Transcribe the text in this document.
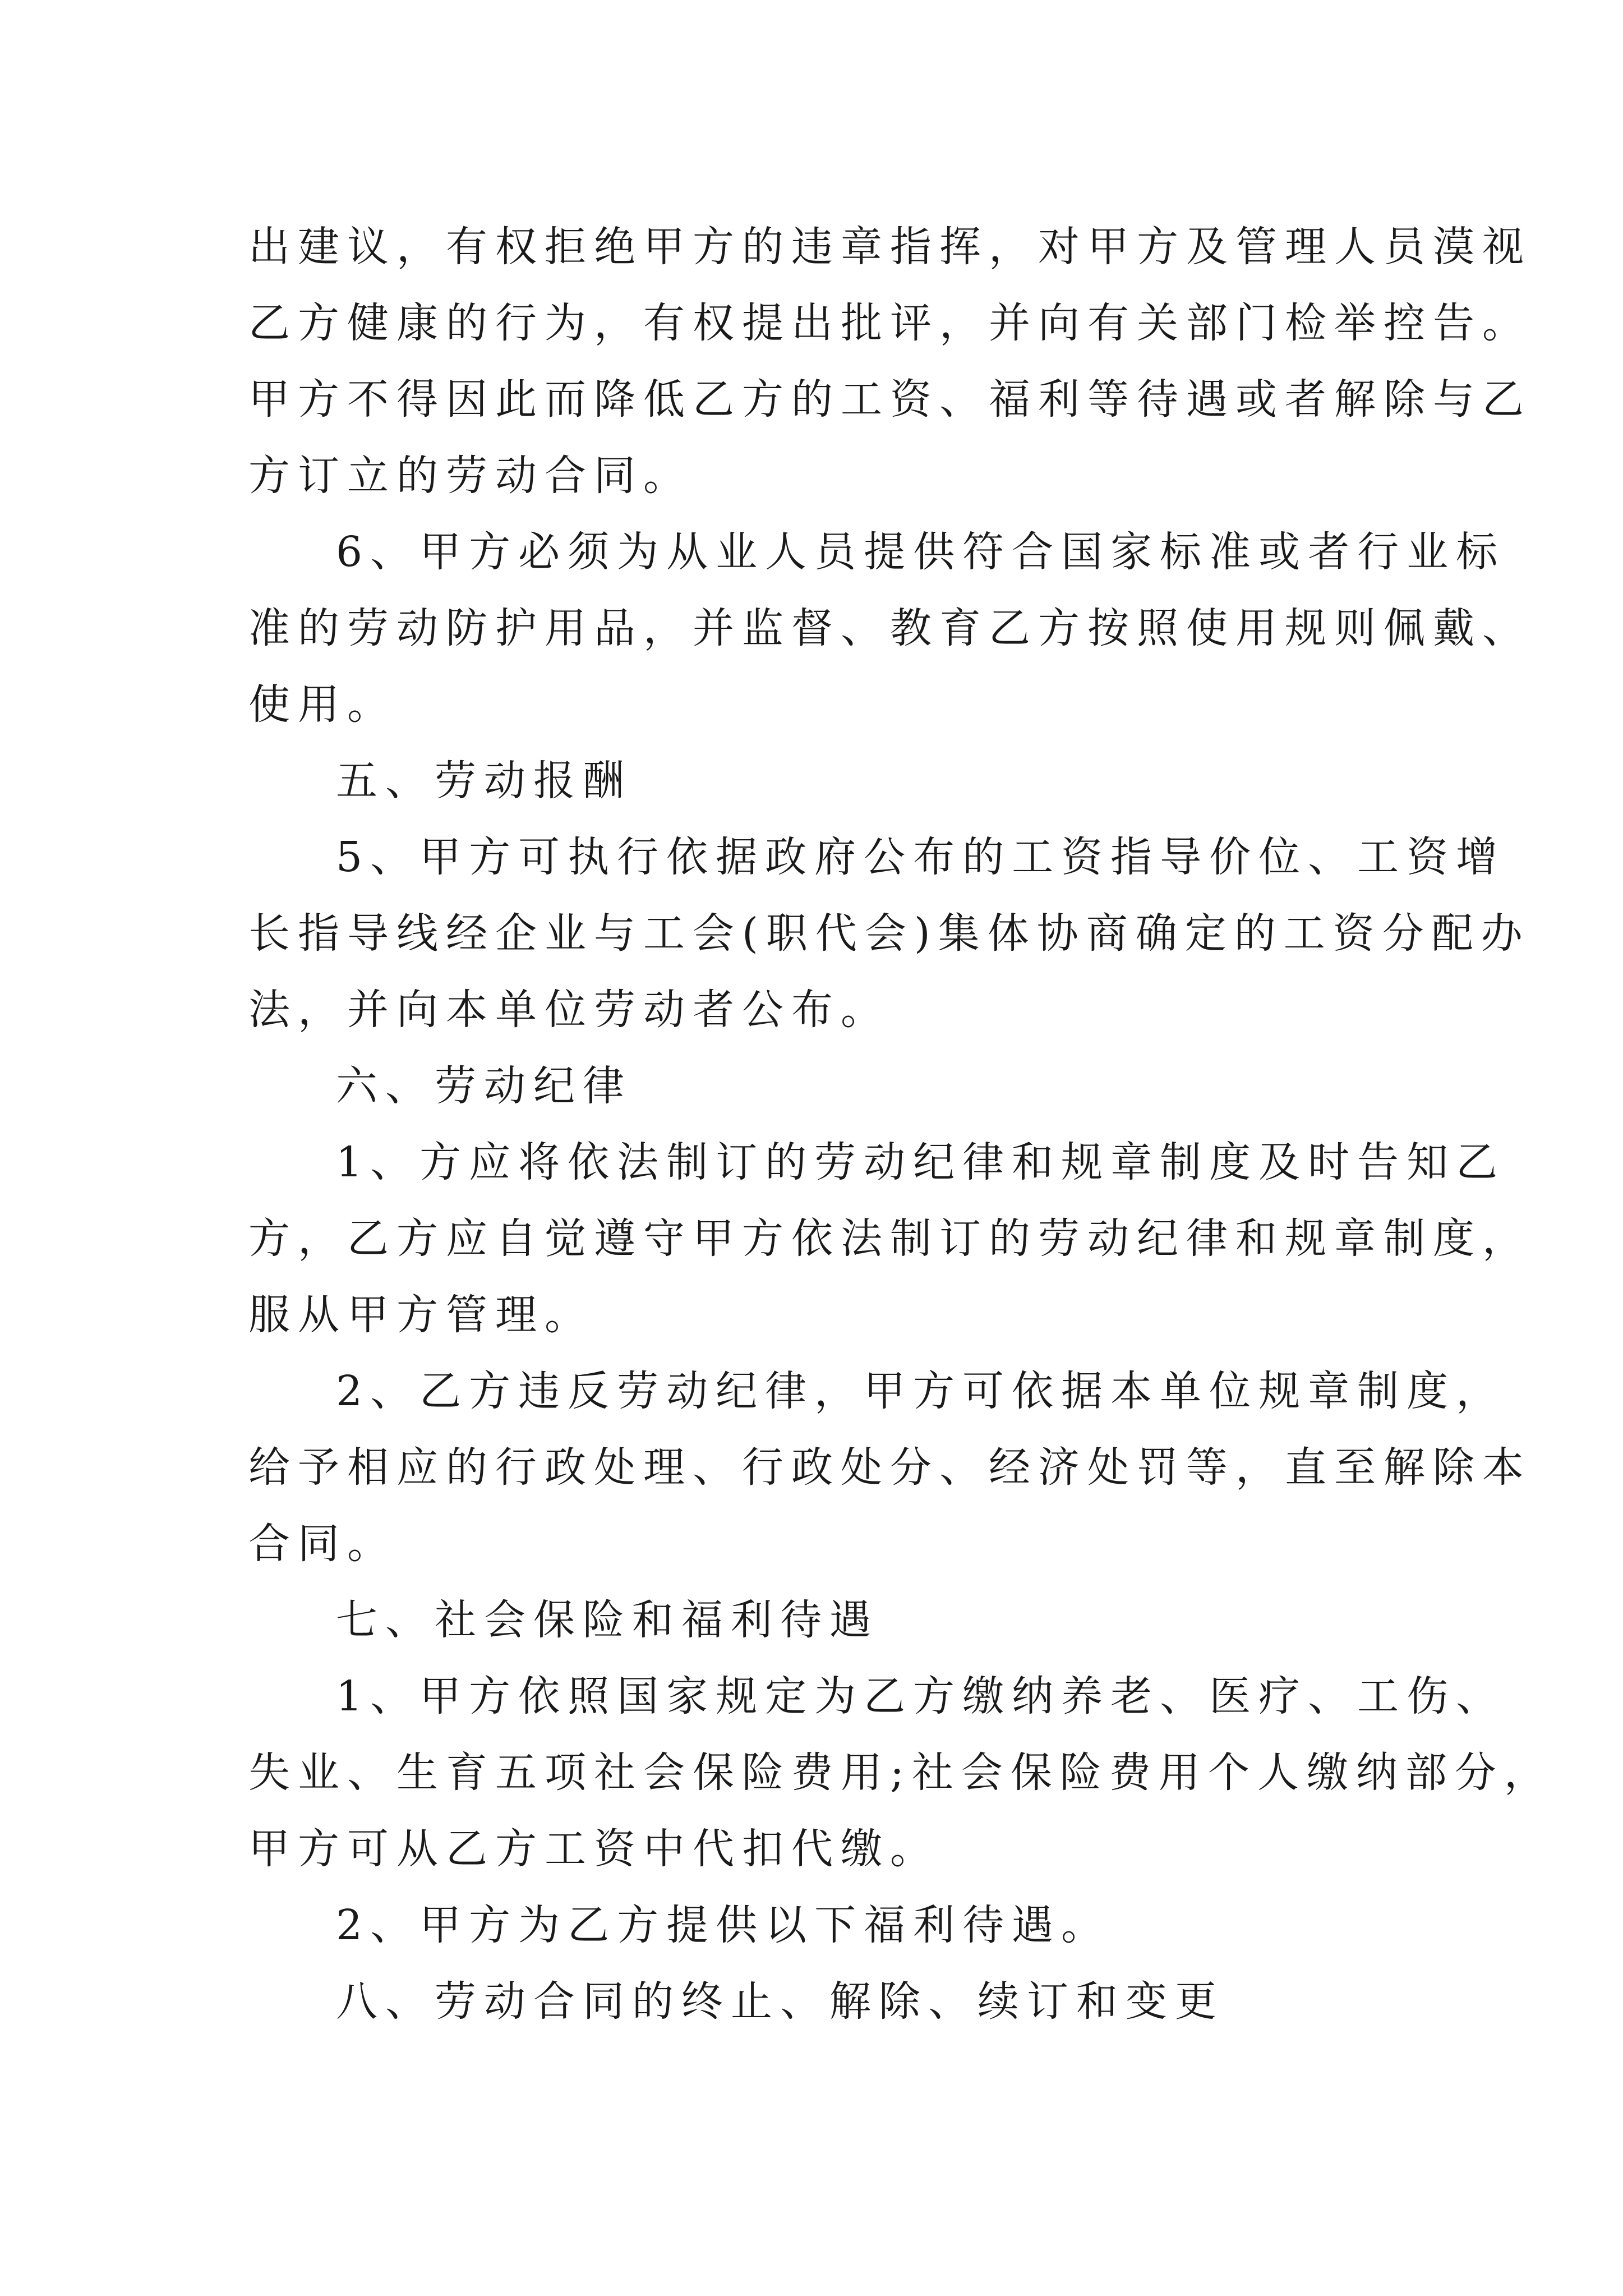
出建议，有权拒绝甲方的违章指挥，对甲方及管理人员漠视
乙方健康的行为，有权提出批评，并向有关部门检举控告。
甲方不得因此而降低乙方的工资、福利等待遇或者解除与乙
方订立的劳动合同。
6、甲方必须为从业人员提供符合国家标准或者行业标
准的劳动防护用品，并监督、教育乙方按照使用规则佩戴、
使用。
五、劳动报酬
5、甲方可执行依据政府公布的工资指导价位、工资增
长指导线经企业与工会(职代会)集体协商确定的工资分配办
法，并向本单位劳动者公布。
六、劳动纪律
1、方应将依法制订的劳动纪律和规章制度及时告知乙
方，乙方应自觉遵守甲方依法制订的劳动纪律和规章制度，
服从甲方管理。
2、乙方违反劳动纪律，甲方可依据本单位规章制度，
给予相应的行政处理、行政处分、经济处罚等，直至解除本
合同。
七、社会保险和福利待遇
1、甲方依照国家规定为乙方缴纳养老、医疗、工伤、
失业、生育五项社会保险费用;社会保险费用个人缴纳部分，
甲方可从乙方工资中代扣代缴。
2、甲方为乙方提供以下福利待遇。
八、劳动合同的终止、解除、续订和变更
